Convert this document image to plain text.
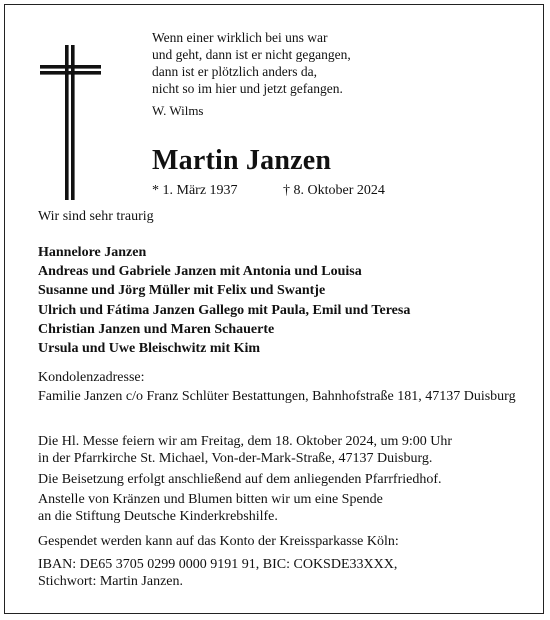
Wenn einer wirklich bei uns war
und geht, dann ist er nicht gegangen,
dann ist er plötzlich anders da,
nicht so im hier und jetzt gefangen.
W. Wilms
Martin Janzen
* 1. März 1937	† 8. Oktober 2024
Wir sind sehr traurig
Hannelore Janzen
Andreas und Gabriele Janzen mit Antonia und Louisa
Susanne und Jörg Müller mit Felix und Swantje
Ulrich und Fátima Janzen Gallego mit Paula, Emil und Teresa
Christian Janzen und Maren Schauerte
Ursula und Uwe Bleischwitz mit Kim
Kondolenzadresse:
Familie Janzen c/o Franz Schlüter Bestattungen, Bahnhofstraße 181, 47137 Duisburg
Die Hl. Messe feiern wir am Freitag, dem 18. Oktober 2024, um 9:00 Uhr
in der Pfarrkirche St. Michael, Von-der-Mark-Straße, 47137 Duisburg.
Die Beisetzung erfolgt anschließend auf dem anliegenden Pfarrfriedhof.
Anstelle von Kränzen und Blumen bitten wir um eine Spende
an die Stiftung Deutsche Kinderkrebshilfe.
Gespendet werden kann auf das Konto der Kreissparkasse Köln:
IBAN: DE65 3705 0299 0000 9191 91, BIC: COKSDE33XXX,
Stichwort: Martin Janzen.
